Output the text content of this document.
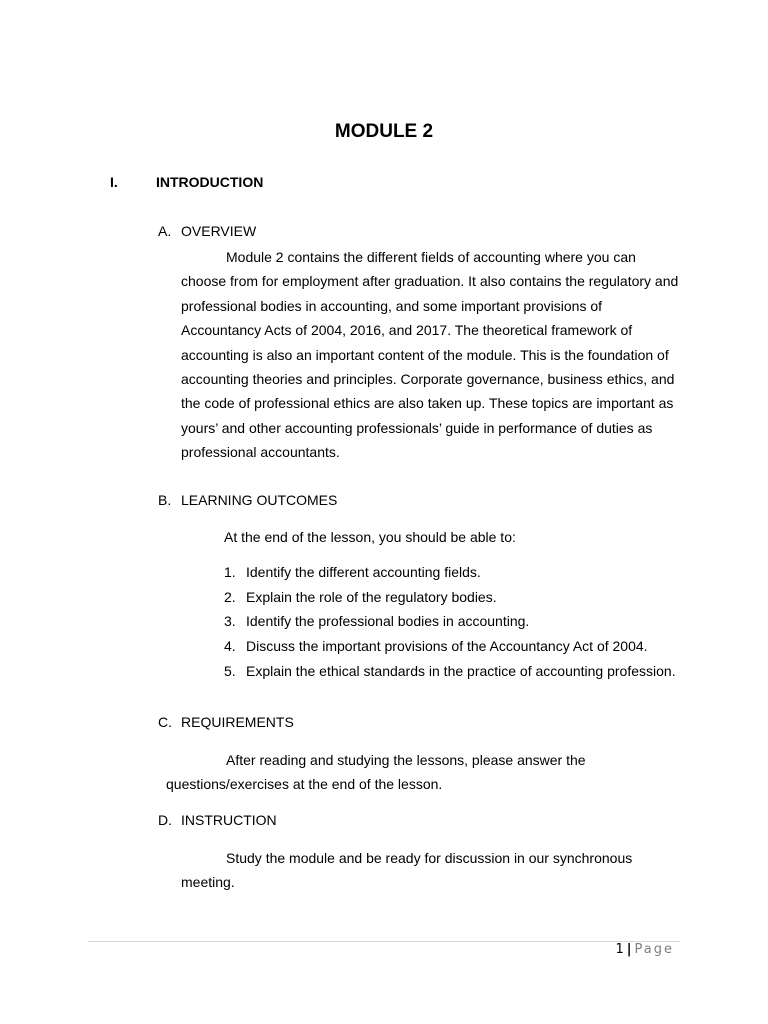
MODULE 2
I.	INTRODUCTION
A. OVERVIEW

Module 2 contains the different fields of accounting where you can choose from for employment after graduation. It also contains the regulatory and professional bodies in accounting, and some important provisions of Accountancy Acts of 2004, 2016, and 2017. The theoretical framework of accounting is also an important content of the module. This is the foundation of accounting theories and principles. Corporate governance, business ethics, and the code of professional ethics are also taken up. These topics are important as yours’ and other accounting professionals’ guide in performance of duties as professional accountants.

B. LEARNING OUTCOMES
At the end of the lesson, you should be able to:
1. Identify the different accounting fields.
2. Explain the role of the regulatory bodies.
3. Identify the professional bodies in accounting.
4. Discuss the important provisions of the Accountancy Act of 2004.
5. Explain the ethical standards in the practice of accounting profession.
C. REQUIREMENTS

After reading and studying the lessons, please answer the questions/exercises at the end of the lesson.

D. INSTRUCTION

Study the module and be ready for discussion in our synchronous meeting.

1 | Page
